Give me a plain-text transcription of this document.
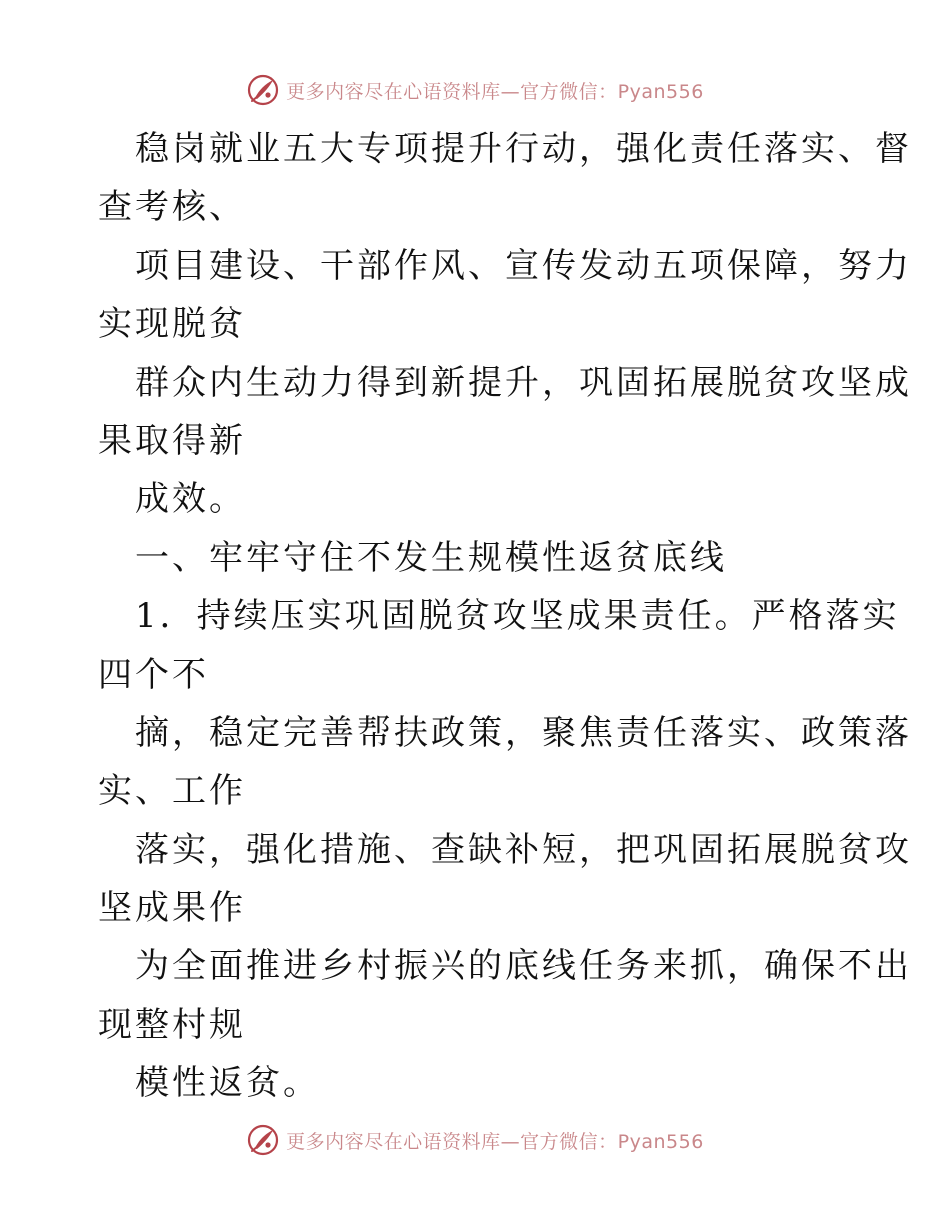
更多内容尽在心语资料库—官方微信：Pyan556
稳岗就业五大专项提升行动，强化责任落实、督
查考核、
项目建设、干部作风、宣传发动五项保障，努力
实现脱贫
群众内生动力得到新提升，巩固拓展脱贫攻坚成
果取得新
成效。
一、牢牢守住不发生规模性返贫底线
1．持续压实巩固脱贫攻坚成果责任。严格落实
四个不
摘，稳定完善帮扶政策，聚焦责任落实、政策落
实、工作
落实，强化措施、查缺补短，把巩固拓展脱贫攻
坚成果作
为全面推进乡村振兴的底线任务来抓，确保不出
现整村规
模性返贫。
更多内容尽在心语资料库—官方微信：Pyan556
